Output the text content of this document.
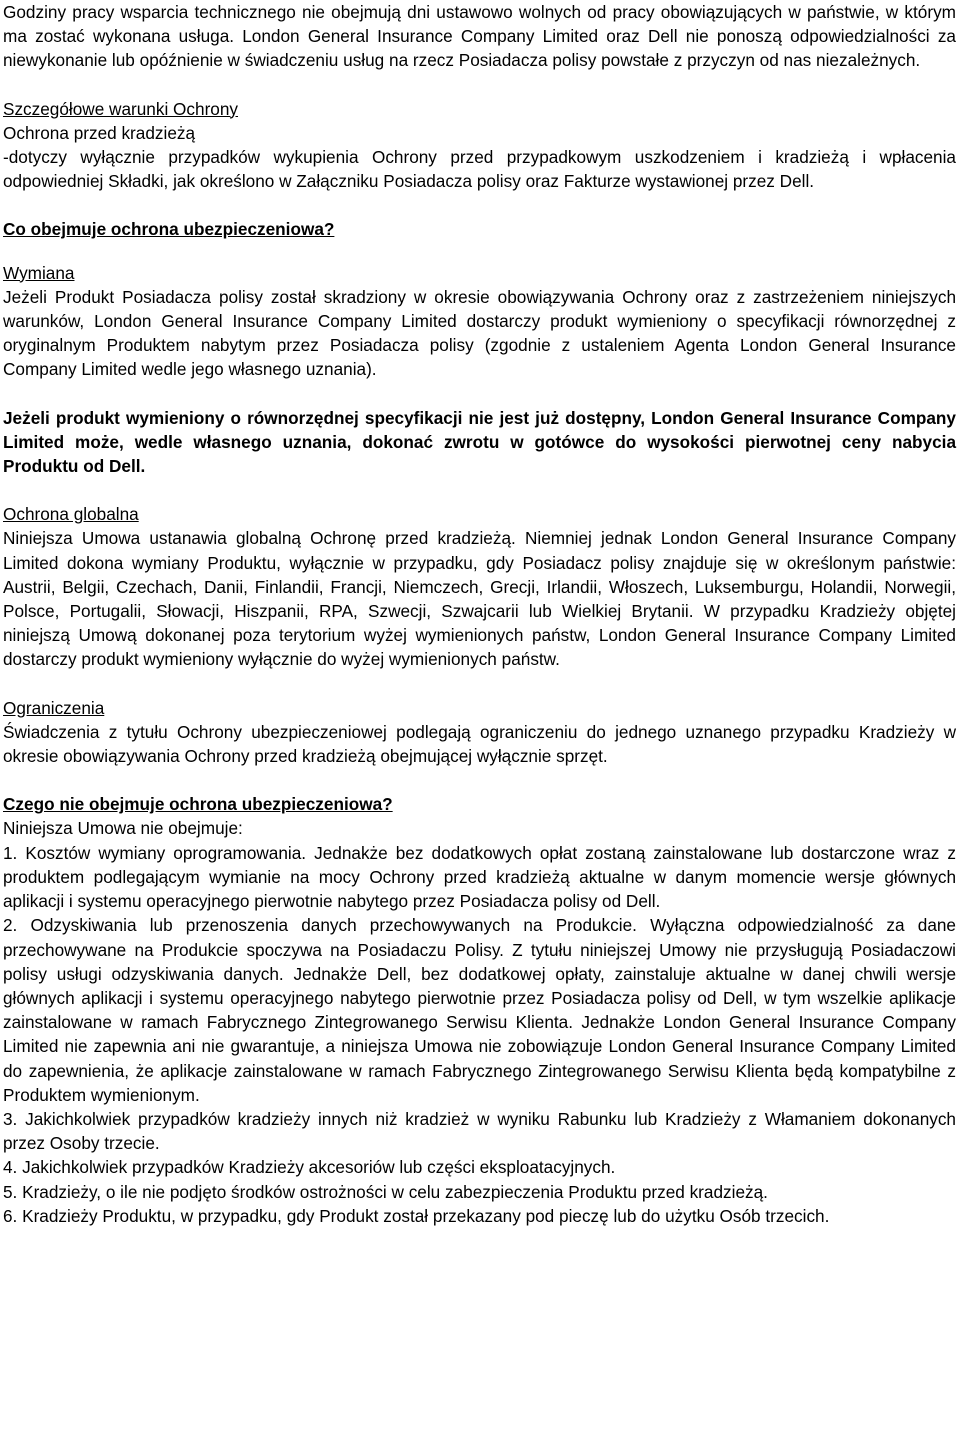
Godziny pracy wsparcia technicznego nie obejmują dni ustawowo wolnych od pracy obowiązujących w państwie, w którym ma zostać wykonana usługa. London General Insurance Company Limited oraz Dell nie ponoszą odpowiedzialności za niewykonanie lub opóźnienie w świadczeniu usług na rzecz Posiadacza polisy powstałe z przyczyn od nas niezależnych.

Szczegółowe warunki Ochrony
Ochrona przed kradzieżą

-dotyczy wyłącznie przypadków wykupienia Ochrony przed przypadkowym uszkodzeniem i kradzieżą i wpłacenia odpowiedniej Składki, jak określono w Załączniku Posiadacza polisy oraz Fakturze wystawionej przez Dell.

Co obejmuje ochrona ubezpieczeniowa?
Wymiana

Jeżeli Produkt Posiadacza polisy został skradziony w okresie obowiązywania Ochrony oraz z zastrzeżeniem niniejszych warunków, London General Insurance Company Limited dostarczy produkt wymieniony o specyfikacji równorzędnej z oryginalnym Produktem nabytym przez Posiadacza polisy (zgodnie z ustaleniem Agenta London General Insurance Company Limited wedle jego własnego uznania).

Jeżeli produkt wymieniony o równorzędnej specyfikacji nie jest już dostępny, London General Insurance Company Limited może, wedle własnego uznania, dokonać zwrotu w gotówce do wysokości pierwotnej ceny nabycia Produktu od Dell.

Ochrona globalna

Niniejsza Umowa ustanawia globalną Ochronę przed kradzieżą. Niemniej jednak London General Insurance Company Limited dokona wymiany Produktu, wyłącznie w przypadku, gdy Posiadacz polisy znajduje się w określonym państwie: Austrii, Belgii, Czechach, Danii, Finlandii, Francji, Niemczech, Grecji, Irlandii, Włoszech, Luksemburgu, Holandii, Norwegii, Polsce, Portugalii, Słowacji, Hiszpanii, RPA, Szwecji, Szwajcarii lub Wielkiej Brytanii. W przypadku Kradzieży objętej niniejszą Umową dokonanej poza terytorium wyżej wymienionych państw, London General Insurance Company Limited dostarczy produkt wymieniony wyłącznie do wyżej wymienionych państw.

Ograniczenia

Świadczenia z tytułu Ochrony ubezpieczeniowej podlegają ograniczeniu do jednego uznanego przypadku Kradzieży w okresie obowiązywania Ochrony przed kradzieżą obejmującej wyłącznie sprzęt.

Czego nie obejmuje ochrona ubezpieczeniowa?
Niniejsza Umowa nie obejmuje:

1. Kosztów wymiany oprogramowania. Jednakże bez dodatkowych opłat zostaną zainstalowane lub dostarczone wraz z produktem podlegającym wymianie na mocy Ochrony przed kradzieżą aktualne w danym momencie wersje głównych aplikacji i systemu operacyjnego pierwotnie nabytego przez Posiadacza polisy od Dell.

2. Odzyskiwania lub przenoszenia danych przechowywanych na Produkcie. Wyłączna odpowiedzialność za dane przechowywane na Produkcie spoczywa na Posiadaczu Polisy. Z tytułu niniejszej Umowy nie przysługują Posiadaczowi polisy usługi odzyskiwania danych. Jednakże Dell, bez dodatkowej opłaty, zainstaluje aktualne w danej chwili wersje głównych aplikacji i systemu operacyjnego nabytego pierwotnie przez Posiadacza polisy od Dell, w tym wszelkie aplikacje zainstalowane w ramach Fabrycznego Zintegrowanego Serwisu Klienta. Jednakże London General Insurance Company Limited nie zapewnia ani nie gwarantuje, a niniejsza Umowa nie zobowiązuje London General Insurance Company Limited do zapewnienia, że aplikacje zainstalowane w ramach Fabrycznego Zintegrowanego Serwisu Klienta będą kompatybilne z Produktem wymienionym.

3. Jakichkolwiek przypadków kradzieży innych niż kradzież w wyniku Rabunku lub Kradzieży z Włamaniem dokonanych przez Osoby trzecie.

4. Jakichkolwiek przypadków Kradzieży akcesoriów lub części eksploatacyjnych.

5. Kradzieży, o ile nie podjęto środków ostrożności w celu zabezpieczenia Produktu przed kradzieżą.

6. Kradzieży Produktu, w przypadku, gdy Produkt został przekazany pod pieczę lub do użytku Osób trzecich.
